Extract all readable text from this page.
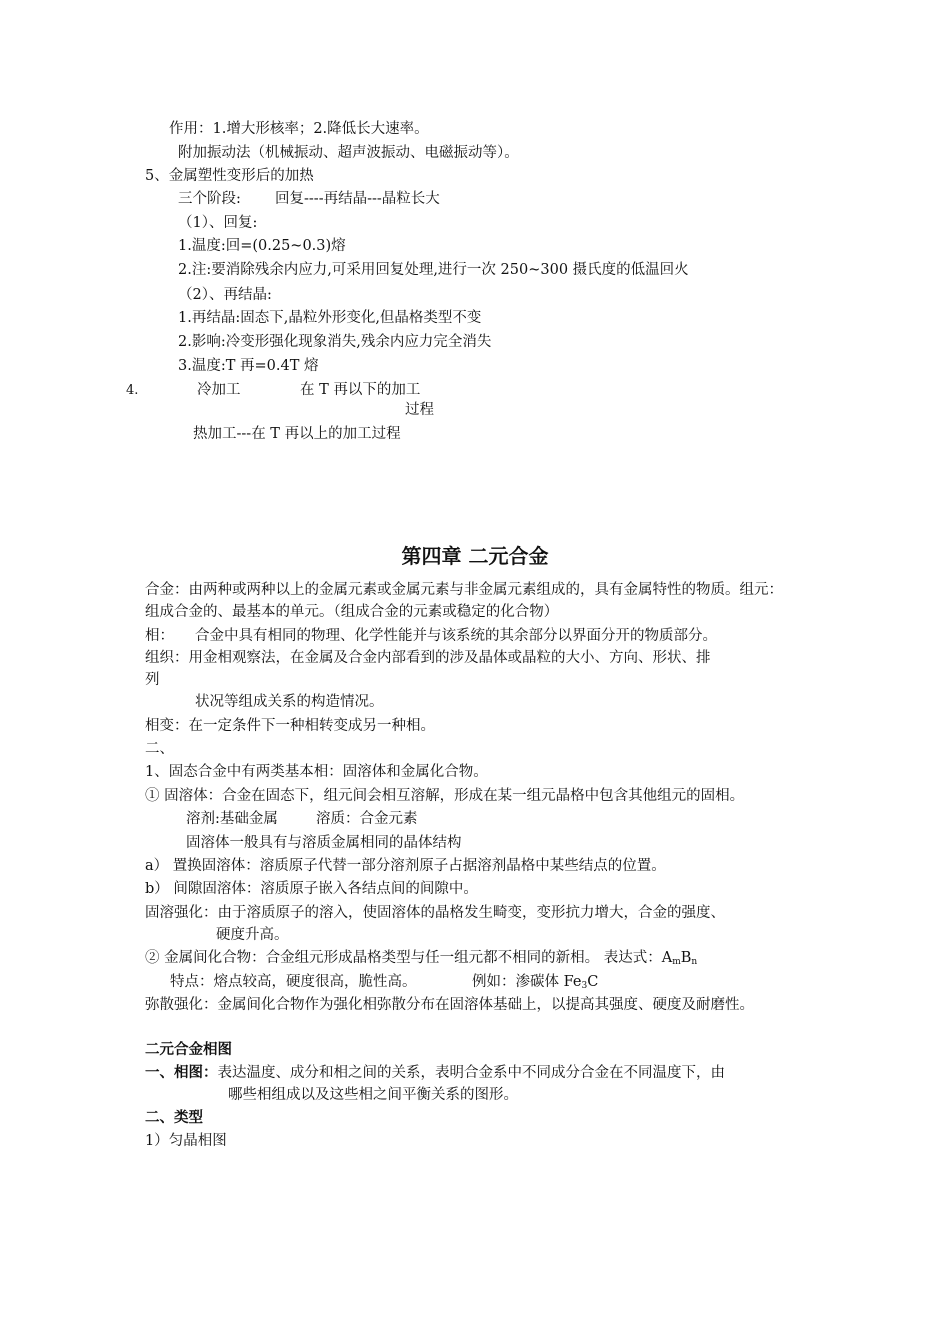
作用：1.增大形核率；2.降低长大速率。
附加振动法（机械振动、超声波振动、电磁振动等）。
5、金属塑性变形后的加热
三个阶段: 回复----再结晶---晶粒长大
（1）、回复:
1.温度:回=(0.25~0.3)熔
2.注:要消除残余内应力,可采用回复处理,进行一次 250~300 摄氏度的低温回火
（2）、再结晶:
1.再结晶:固态下,晶粒外形变化,但晶格类型不变
2.影响:冷变形强化现象消失,残余内应力完全消失
3.温度:T 再=0.4T 熔
4.	冷加工	在 T 再以下的加工
过程
热加工---在 T 再以上的加工过程
第四章 二元合金
合金：由两种或两种以上的金属元素或金属元素与非金属元素组成的，具有金属特性的物质。组元：
组成合金的、最基本的单元。（组成合金的元素或稳定的化合物）
相： 合金中具有相同的物理、化学性能并与该系统的其余部分以界面分开的物质部分。
组织：用金相观察法，在金属及合金内部看到的涉及晶体或晶粒的大小、方向、形状、排
列
状况等组成关系的构造情况。
相变：在一定条件下一种相转变成另一种相。
二、
1、固态合金中有两类基本相：固溶体和金属化合物。
① 固溶体：合金在固态下，组元间会相互溶解，形成在某一组元晶格中包含其他组元的固相。
溶剂:基础金属	溶质：合金元素
固溶体一般具有与溶质金属相同的晶体结构
a） 置换固溶体：溶质原子代替一部分溶剂原子占据溶剂晶格中某些结点的位置。
b） 间隙固溶体：溶质原子嵌入各结点间的间隙中。
固溶强化：由于溶质原子的溶入，使固溶体的晶格发生畸变，变形抗力增大，合金的强度、
硬度升高。
② 金属间化合物：合金组元形成晶格类型与任一组元都不相同的新相。 表达式：$A_mB_n$
特点：熔点较高，硬度很高，脆性高。	例如：渗碳体 $Fe_3C$
弥散强化：金属间化合物作为强化相弥散分布在固溶体基础上，以提高其强度、硬度及耐磨性。
二元合金相图
一、相图：表达温度、成分和相之间的关系，表明合金系中不同成分合金在不同温度下，由
哪些相组成以及这些相之间平衡关系的图形。
二、类型
1）匀晶相图
